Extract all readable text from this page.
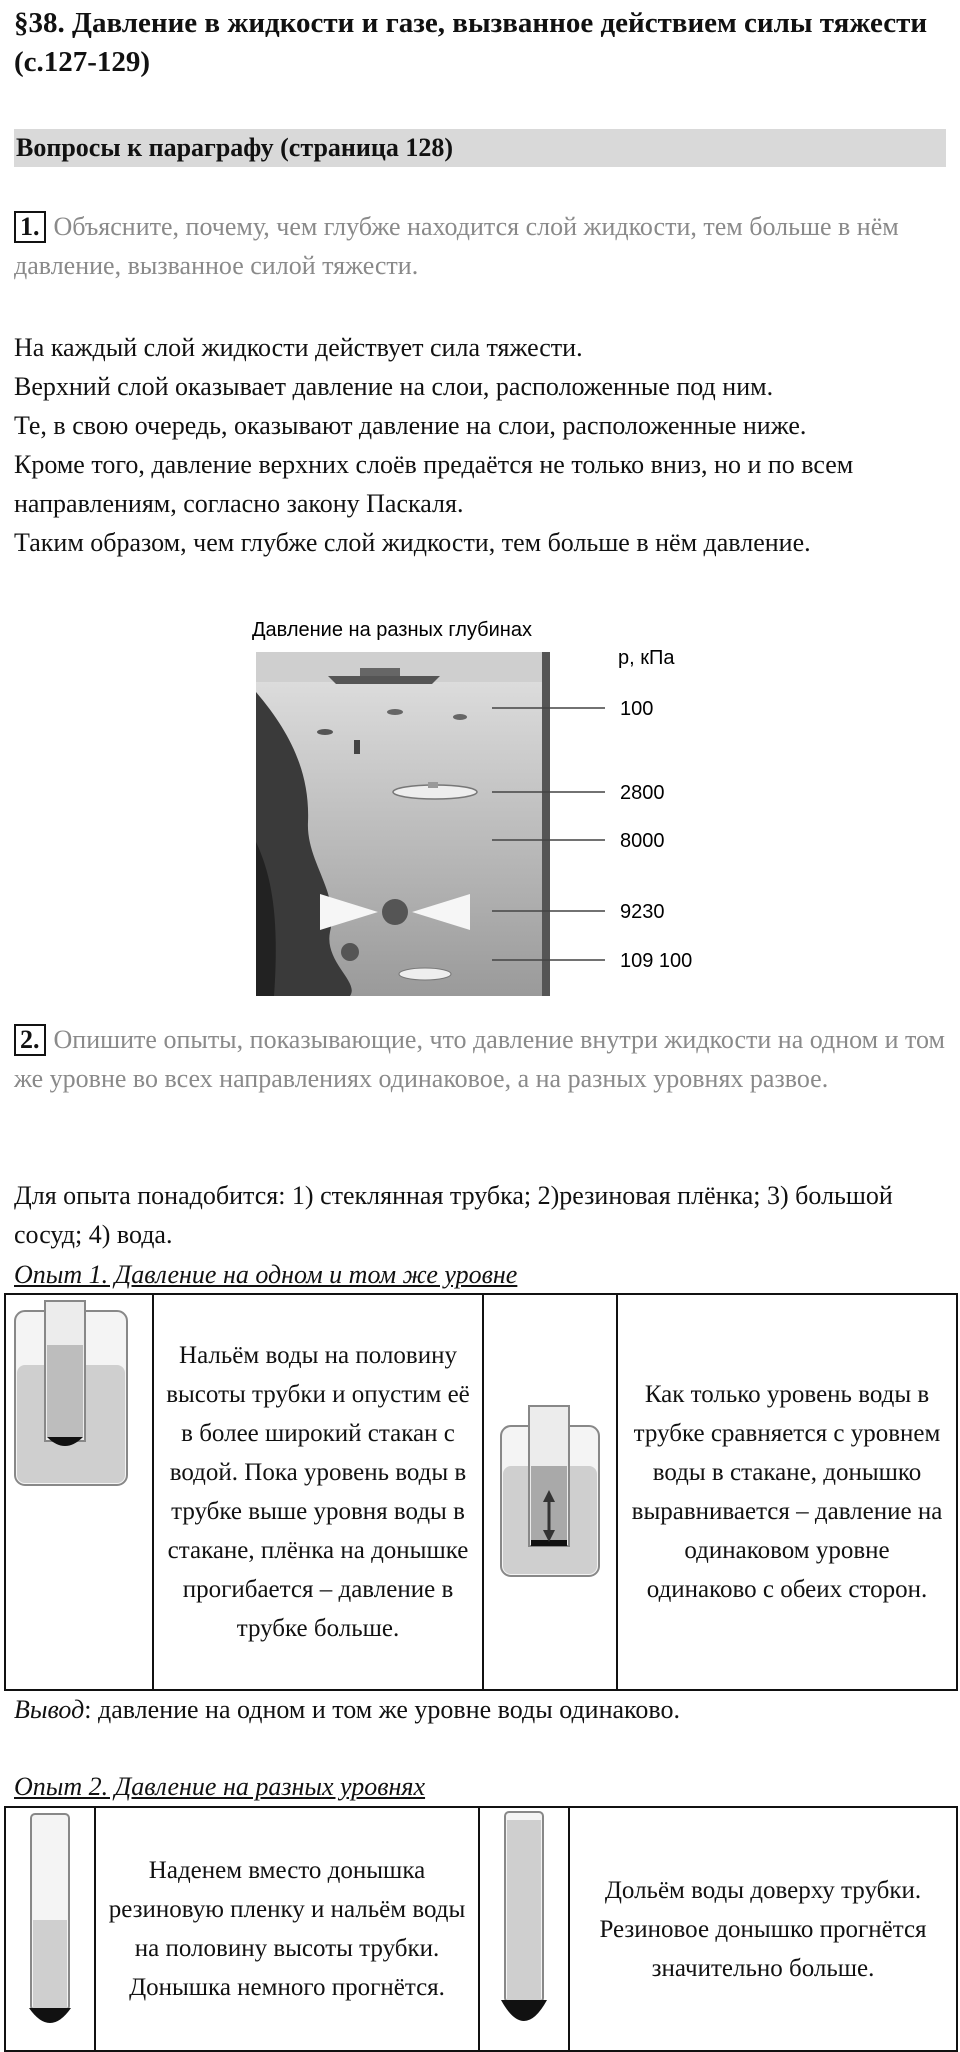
§38. Давление в жидкости и газе, вызванное действием силы тяжести (с.127-129)
Вопросы к параграфу (страница 128)
1. Объясните, почему, чем глубже находится слой жидкости, тем больше в нём давление, вызванное силой тяжести.

На каждый слой жидкости действует сила тяжести.

Верхний слой оказывает давление на слои, расположенные под ним.

Те, в свою очередь, оказывают давление на слои, расположенные ниже.

Кроме того, давление верхних слоёв предаётся не только вниз, но и по всем направлениям, согласно закону Паскаля.

Таким образом, чем глубже слой жидкости, тем больше в нём давление.

Давление на разных глубинах
p, кПа
100
2800
8000
9230
109 100
2. Опишите опыты, показывающие, что давление внутри жидкости на одном и том же уровне во всех направлениях одинаковое, а на разных уровнях развое.
Для опыта понадобится: 1) стеклянная трубка; 2)резиновая плёнка; 3) большой сосуд; 4) вода.
Опыт 1. Давление на одном и том же уровне
	Нальём воды на половину высоты трубки и опустим её в более широкий стакан с водой. Пока уровень воды в трубке выше уровня воды в стакане, плёнка на донышке прогибается – давление в трубке больше.		Как только уровень воды в трубке сравняется с уровнем воды в стакане, донышко выравнивается – давление на одинаковом уровне одинаково с обеих сторон.
Вывод: давление на одном и том же уровне воды одинаково.
Опыт 2. Давление на разных уровнях
	Наденем вместо донышка резиновую пленку и нальём воды на половину высоты трубки. Донышка немного прогнётся.		Дольём воды доверху трубки. Резиновое донышко прогнётся значительно больше.
